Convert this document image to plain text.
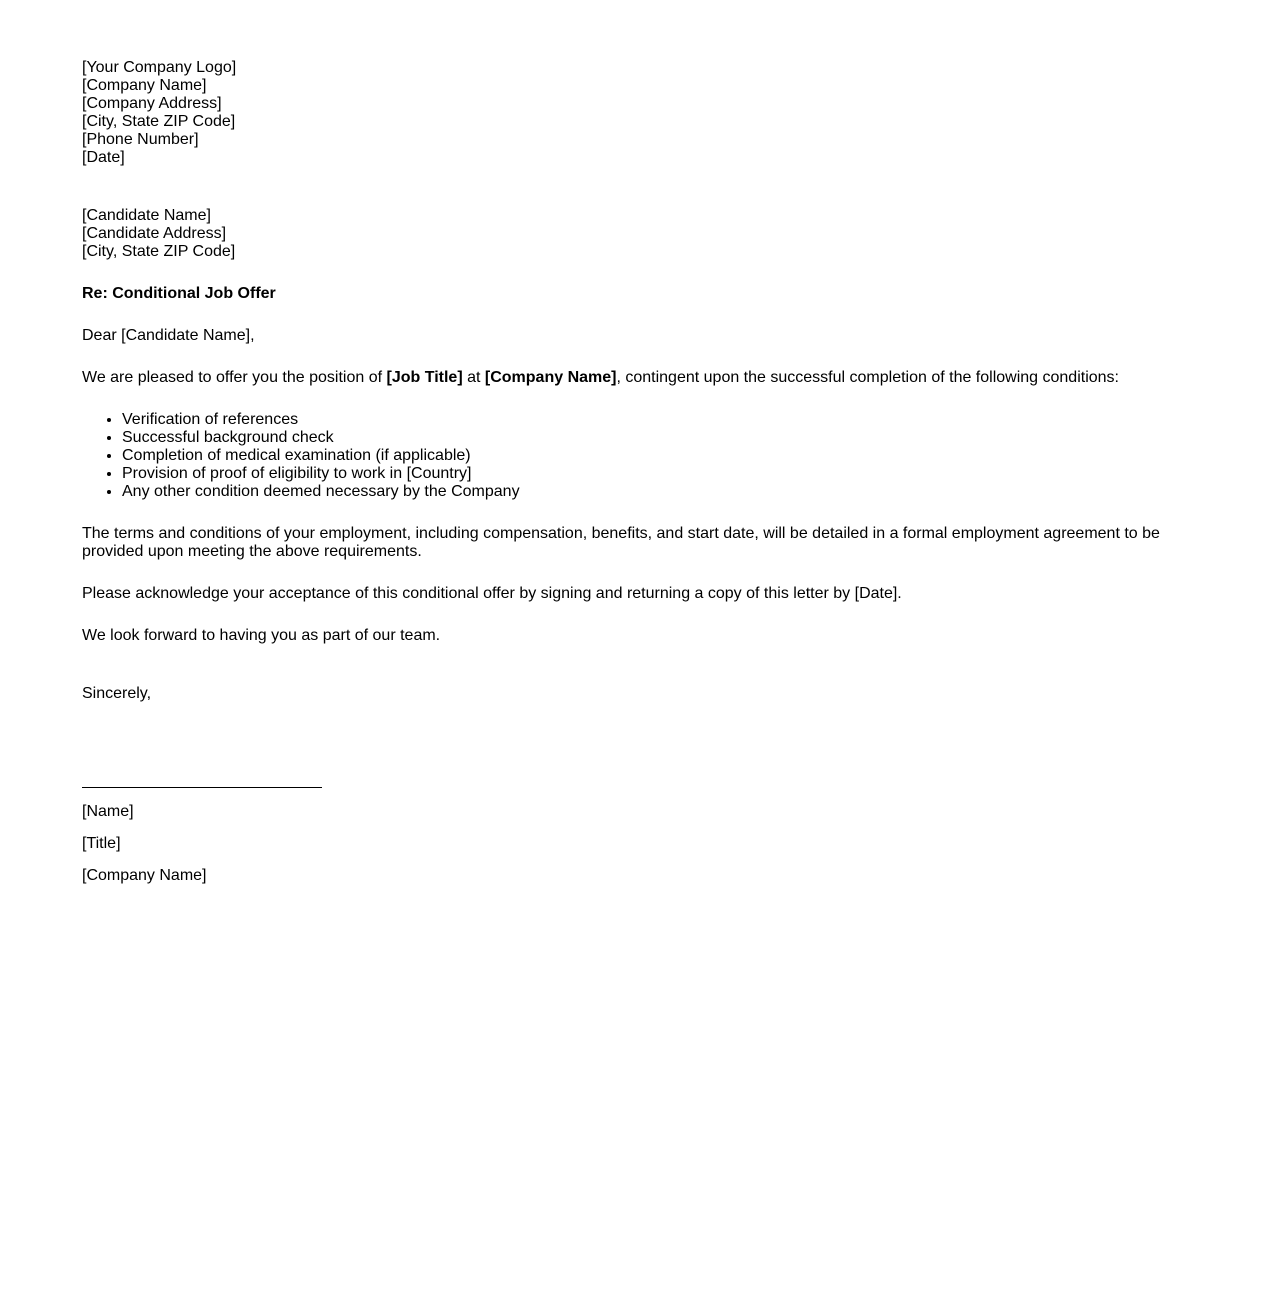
[Your Company Logo]
[Company Name]
[Company Address]
[City, State ZIP Code]
[Phone Number]
[Date]
[Candidate Name]
[Candidate Address]
[City, State ZIP Code]
Re: Conditional Job Offer

Dear [Candidate Name],

We are pleased to offer you the position of [Job Title] at [Company Name], contingent upon the successful completion of the following conditions:

• Verification of references
• Successful background check
• Completion of medical examination (if applicable)
• Provision of proof of eligibility to work in [Country]
• Any other condition deemed necessary by the Company

The terms and conditions of your employment, including compensation, benefits, and start date, will be detailed in a formal employment agreement to be provided upon meeting the above requirements.

Please acknowledge your acceptance of this conditional offer by signing and returning a copy of this letter by [Date].

We look forward to having you as part of our team.

Sincerely,
[Name]
[Title]
[Company Name]
